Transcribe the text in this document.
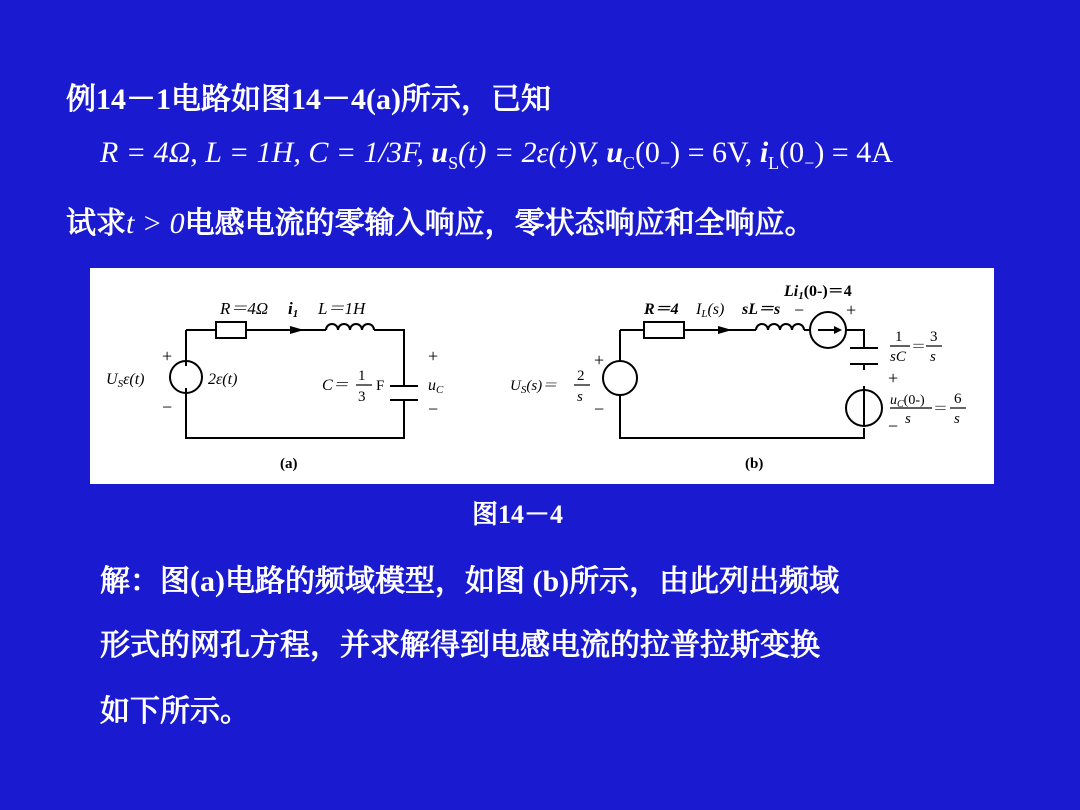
例14－1电路如图14－4(a)所示，已知
R = 4Ω, L = 1H, C = 1/3F, $u_S(t) = 2\varepsilon(t)V$, $u_C(0_-) = 6V$, $i_L(0_-) = 4A$
试求t > 0电感电流的零输入响应，零状态响应和全响应。
R＝4Ω i1 L＝1H
+
−
USε(t)	2ε(t)	C＝
1
3
F
+
uC
−
(a)
Li1(0-)＝4
R＝4 IL(s) sL＝s − +
+
−
$U_S(s)=$
2
s
1
sC
＝
3
s
+
$u_C(0-)$
s
＝
6
s
−
(b)
图14－4
解：图(a)电路的频域模型，如图 (b)所示，由此列出频域
形式的网孔方程，并求解得到电感电流的拉普拉斯变换
如下所示。
